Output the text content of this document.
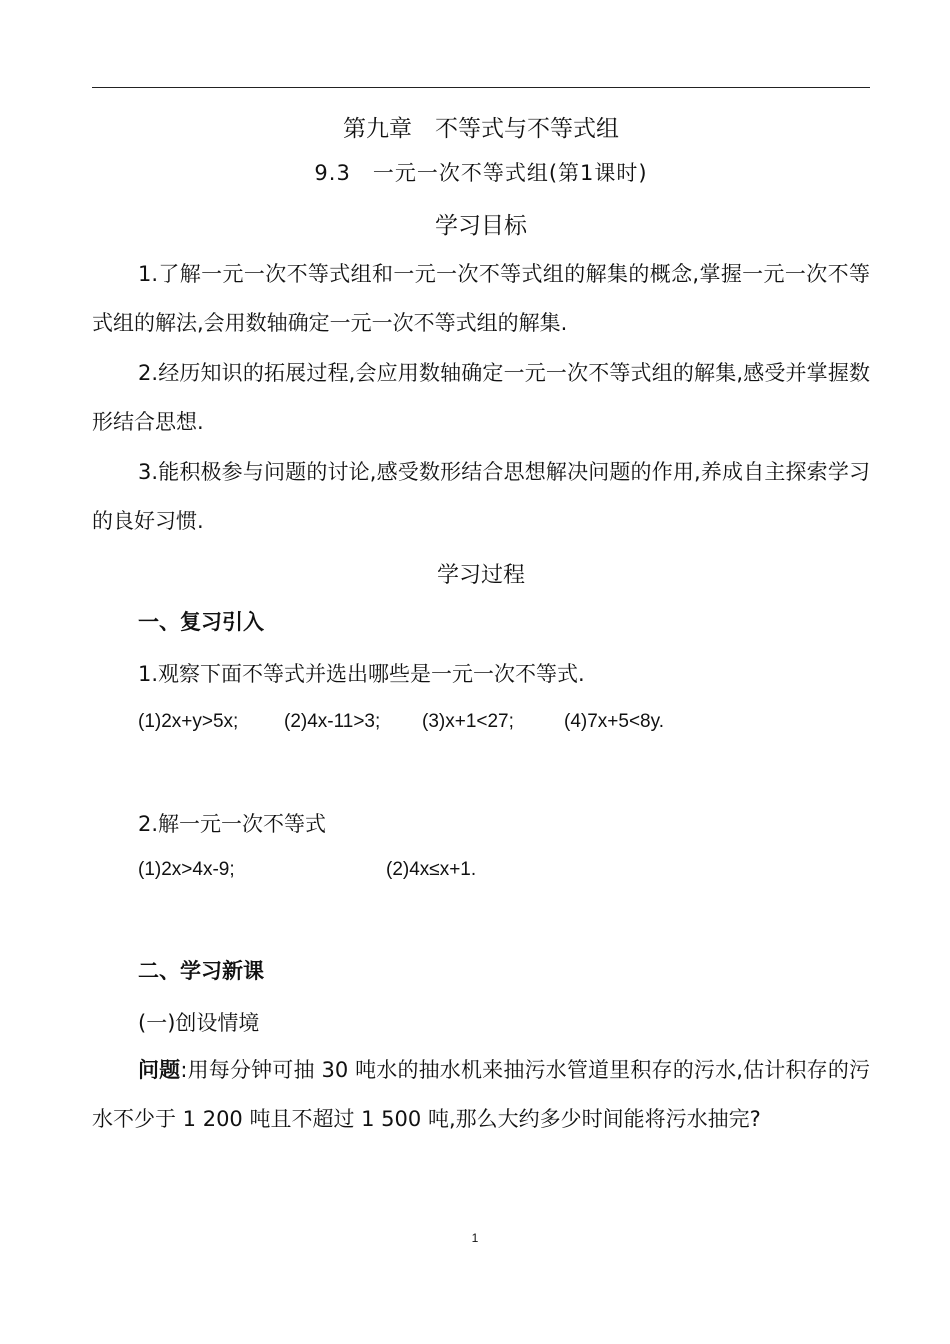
第九章　不等式与不等式组
9.3　一元一次不等式组(第1课时)
学习目标

1.了解一元一次不等式组和一元一次不等式组的解集的概念,掌握一元一次不等式组的解法,会用数轴确定一元一次不等式组的解集.

2.经历知识的拓展过程,会应用数轴确定一元一次不等式组的解集,感受并掌握数形结合思想.

3.能积极参与问题的讨论,感受数形结合思想解决问题的作用,养成自主探索学习的良好习惯.

学习过程
一、复习引入
1.观察下面不等式并选出哪些是一元一次不等式.
(1)2x+y>5x; (2)4x-11>3; (3)x+1<27;	(4)7x+5<8y.
2.解一元一次不等式
(1)2x>4x-9;	(2)4x≤x+1.
二、学习新课
(一)创设情境

问题:用每分钟可抽 30 吨水的抽水机来抽污水管道里积存的污水,估计积存的污水不少于 1 200 吨且不超过 1 500 吨,那么大约多少时间能将污水抽完?

1
